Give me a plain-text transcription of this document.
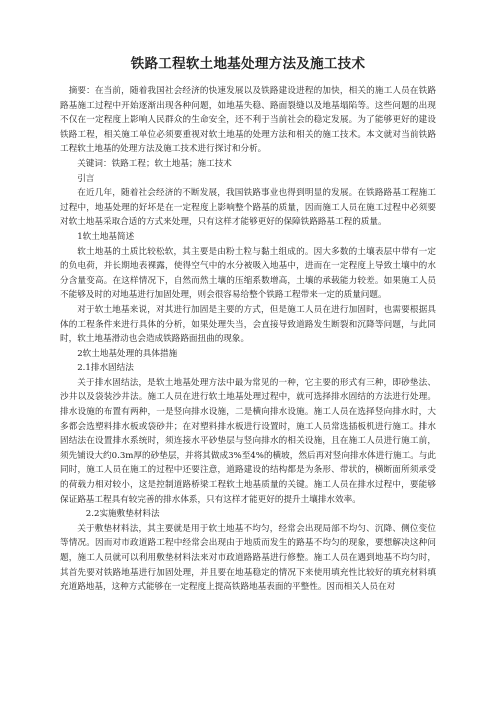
铁路工程软土地基处理方法及施工技术

摘要：在当前，随着我国社会经济的快速发展以及铁路建设进程的加快，相关的施工人员在铁路路基施工过程中开始逐渐出现各种问题，如地基失稳、路面裂缝以及地基塌陷等。这些问题的出现不仅在一定程度上影响人民群众的生命安全，还不利于当前社会的稳定发展。为了能够更好的建设铁路工程，相关施工单位必须要重视对软土地基的处理方法和相关的施工技术。本文就对当前铁路工程软土地基的处理方法及施工技术进行探讨和分析。

关键词：铁路工程；软土地基；施工技术

引言

在近几年，随着社会经济的不断发展，我国铁路事业也得到明显的发展。在铁路路基工程施工过程中，地基处理的好坏是在一定程度上影响整个路基的质量，因而施工人员在施工过程中必须要对软土地基采取合适的方式来处理，只有这样才能够更好的保障铁路路基工程的质量。

1软土地基简述

软土地基的土质比较松软，其主要是由粉土粒与黏土组成的。因大多数的土壤表层中带有一定的负电荷，并长期地表裸露，使得空气中的水分被吸入地基中，进而在一定程度上导致土壤中的水分含量变高。在这样情况下，自然而然土壤的压缩系数增高，土壤的承载能力较差。如果施工人员不能够及时的对地基进行加固处理，则会很容易给整个铁路工程带来一定的质量问题。

对于软土地基来说，对其进行加固是主要的方式，但是施工人员在进行加固时，也需要根据具体的工程条件来进行具体的分析，如果处理失当，会直接导致道路发生断裂和沉降等问题，与此同时，软土地基滑动也会造成铁路路面扭曲的现象。

2软土地基处理的具体措施

2.1排水固结法

关于排水固结法，是软土地基处理方法中最为常见的一种，它主要的形式有三种，即砂垫法、沙井以及袋装沙井法。施工人员在进行软土地基处理过程中，就可选择排水固结的方法进行处理。排水设施的布置有两种，一是竖向排水设施，二是横向排水设施。施工人员在选择竖向排水时，大多都会选塑料排水板或袋砂井；在对塑料排水板进行设置时，施工人员常选插板机进行施工。排水固结法在设置排水系统时，须连接水平砂垫层与竖向排水的相关设施，且在施工人员进行施工前，须先铺设大约0.3m厚的砂垫层，并将其做成3%至4%的横坡，然后再对竖向排水体进行施工。与此同时，施工人员在施工的过程中还要注意，道路建设的结构都是为条形、带状的，横断面所须承受的荷载力相对较小，这是控制道路桥梁工程软土地基质量的关键。施工人员在排水过程中，要能够保证路基工程具有较完善的排水体系，只有这样才能更好的提升土壤排水效率。

2.2实施敷垫材料法

关于敷垫材料法，其主要就是用于软土地基不均匀，经常会出现局部不均匀、沉降、侧位变位等情况。因而对市政道路工程中经常会出现由于地质而发生的路基不均匀的现象，要想解决这种问题，施工人员就可以利用敷垫材料法来对市政道路路基进行修整。施工人员在遇到地基不均匀时，其首先要对铁路地基进行加固处理，并且要在地基稳定的情况下来使用填充性比较好的填充材料填充道路地基，这种方式能够在一定程度上提高铁路地基表面的平整性。因而相关人员在对
